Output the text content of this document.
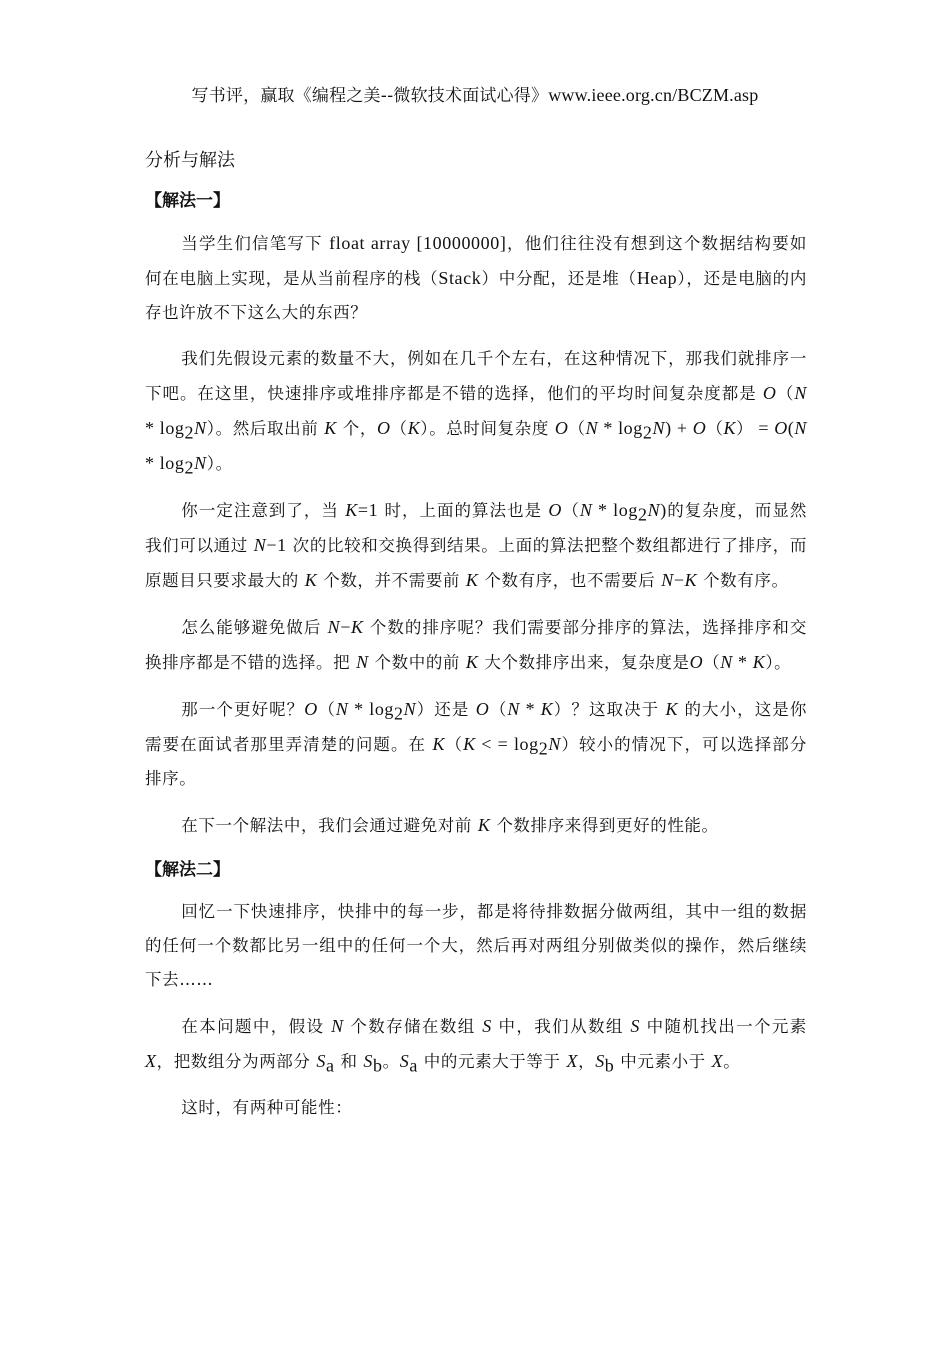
写书评，赢取《编程之美--微软技术面试心得》www.ieee.org.cn/BCZM.asp
分析与解法
【解法一】

当学生们信笔写下 float array [10000000]，他们往往没有想到这个数据结构要如何在电脑上实现，是从当前程序的栈（Stack）中分配，还是堆（Heap），还是电脑的内存也许放不下这么大的东西？

我们先假设元素的数量不大，例如在几千个左右，在这种情况下，那我们就排序一下吧。在这里，快速排序或堆排序都是不错的选择，他们的平均时间复杂度都是 $O(N * \log_2N)$。然后取出前 K 个，O（K）。总时间复杂度 $O(N * \log_2N) + O(K) = O(N * \log_2N)$。

你一定注意到了，当 K=1 时，上面的算法也是 $O(N * \log_2N)$的复杂度，而显然我们可以通过 N−1 次的比较和交换得到结果。上面的算法把整个数组都进行了排序，而原题目只要求最大的 K 个数，并不需要前 K 个数有序，也不需要后 N−K 个数有序。

怎么能够避免做后 N−K 个数的排序呢？我们需要部分排序的算法，选择排序和交换排序都是不错的选择。把 N 个数中的前 K 大个数排序出来，复杂度是O（N * K）。

那一个更好呢？$O(N * \log_2N)$还是 O（N * K）？这取决于 K 的大小，这是你需要在面试者那里弄清楚的问题。在 K（K < = $\log_2N$）较小的情况下，可以选择部分排序。

在下一个解法中，我们会通过避免对前 K 个数排序来得到更好的性能。

【解法二】

回忆一下快速排序，快排中的每一步，都是将待排数据分做两组，其中一组的数据的任何一个数都比另一组中的任何一个大，然后再对两组分别做类似的操作，然后继续下去……

在本问题中，假设 N 个数存储在数组 S 中，我们从数组 S 中随机找出一个元素 X，把数组分为两部分 $S_a$ 和 $S_b$。$S_a$ 中的元素大于等于 X，$S_b$ 中元素小于 X。

这时，有两种可能性：
